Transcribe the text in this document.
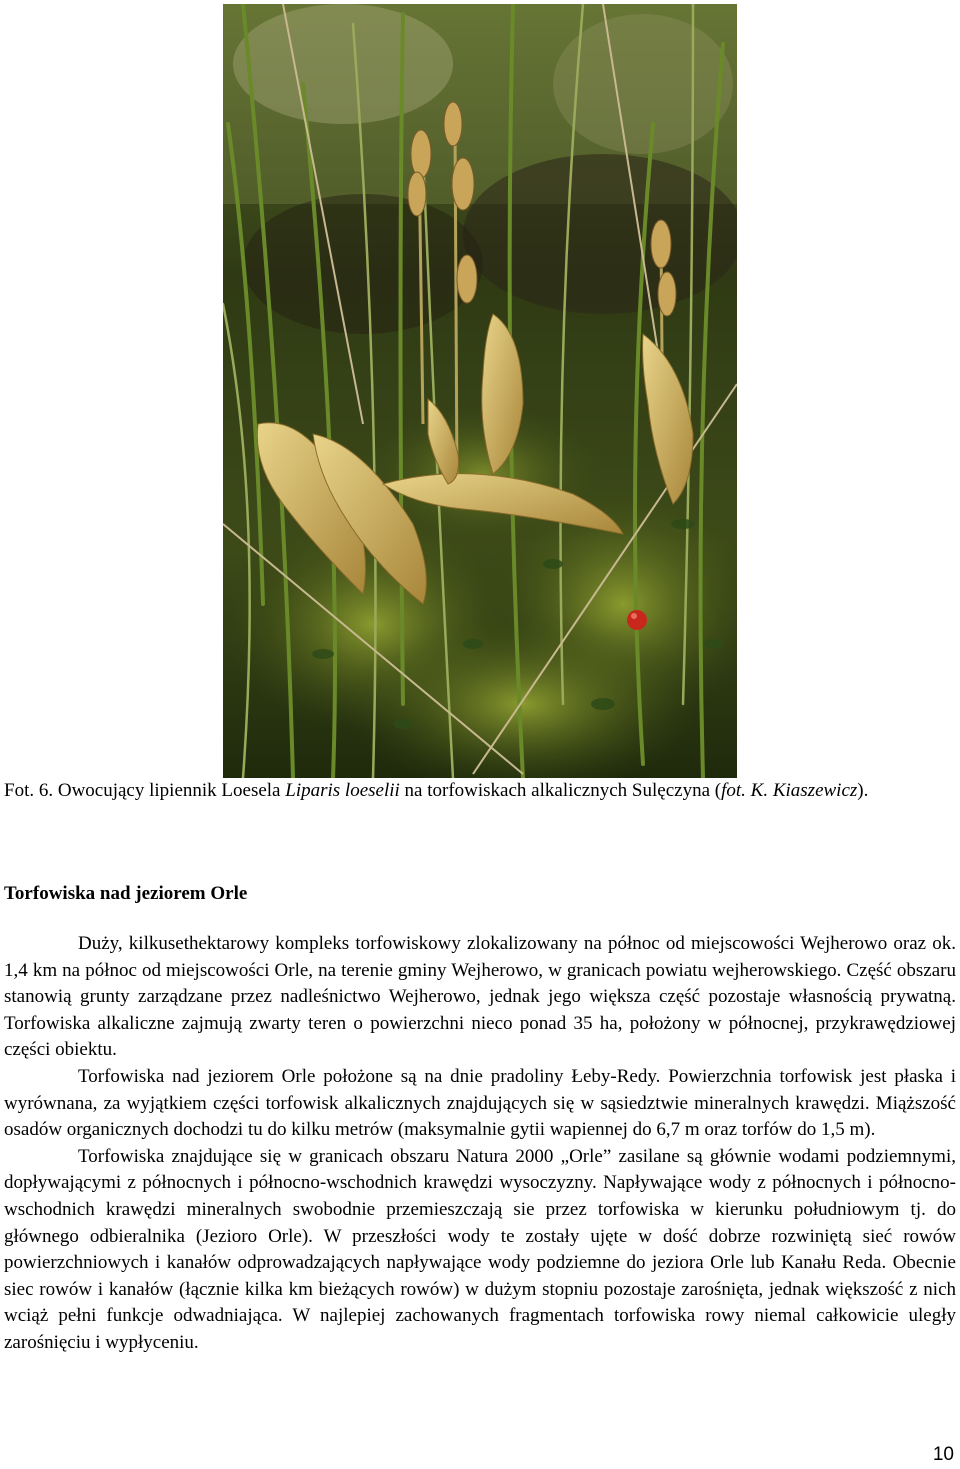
Fot. 6. Owocujący lipiennik Loesela Liparis loeselii na torfowiskach alkalicznych Sulęczyna (fot. K. Kiaszewicz).
Torfowiska nad jeziorem Orle

Duży, kilkusethektarowy kompleks torfowiskowy zlokalizowany na północ od miejscowości Wejherowo oraz ok. 1,4 km na północ od miejscowości Orle, na terenie gminy Wejherowo, w granicach powiatu wejherowskiego. Część obszaru stanowią grunty zarządzane przez nadleśnictwo Wejherowo, jednak jego większa część pozostaje własnością prywatną. Torfowiska alkaliczne zajmują zwarty teren o powierzchni nieco ponad 35 ha, położony w północnej, przykrawędziowej części obiektu.

Torfowiska nad jeziorem Orle położone są na dnie pradoliny Łeby-Redy. Powierzchnia torfowisk jest płaska i wyrównana, za wyjątkiem części torfowisk alkalicznych znajdujących się w sąsiedztwie mineralnych krawędzi. Miąższość osadów organicznych dochodzi tu do kilku metrów (maksymalnie gytii wapiennej do 6,7 m oraz torfów do 1,5 m).

Torfowiska znajdujące się w granicach obszaru Natura 2000 „Orle” zasilane są głównie wodami podziemnymi, dopływającymi z północnych i północno-wschodnich krawędzi wysoczyzny. Napływające wody z północnych i północno-wschodnich krawędzi mineralnych swobodnie przemieszczają sie przez torfowiska w kierunku południowym tj. do głównego odbieralnika (Jezioro Orle). W przeszłości wody te zostały ujęte w dość dobrze rozwiniętą sieć rowów powierzchniowych i kanałów odprowadzających napływające wody podziemne do jeziora Orle lub Kanału Reda. Obecnie siec rowów i kanałów (łącznie kilka km bieżących rowów) w dużym stopniu pozostaje zarośnięta, jednak większość z nich wciąż pełni funkcje odwadniająca. W najlepiej zachowanych fragmentach torfowiska rowy niemal całkowicie uległy zarośnięciu i wypłyceniu.

10
